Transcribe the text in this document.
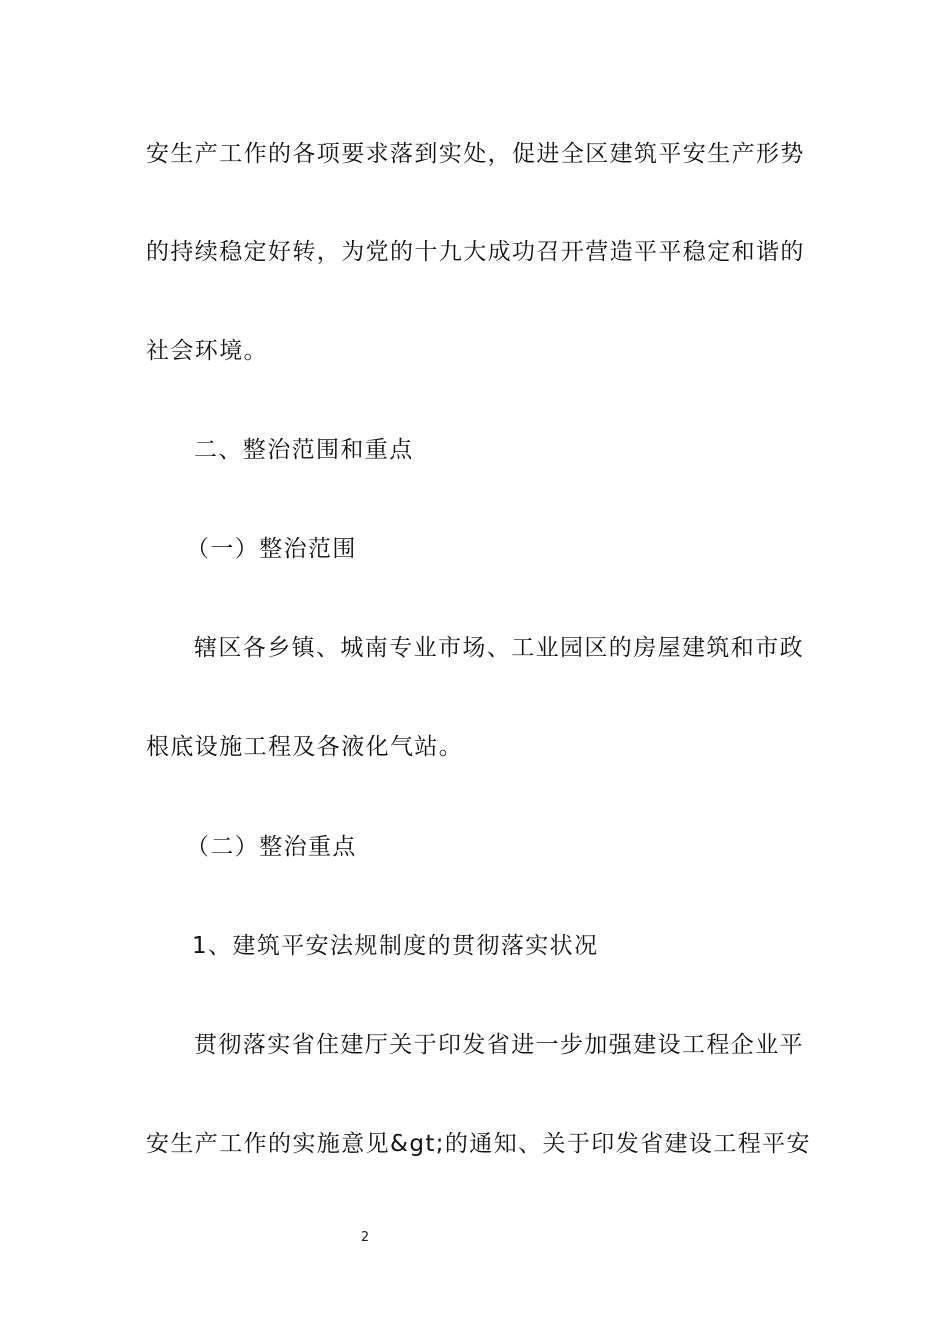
安生产工作的各项要求落到实处，促进全区建筑平安生产形势
的持续稳定好转，为党的十九大成功召开营造平平稳定和谐的
社会环境。
二、整治范围和重点
（一）整治范围
辖区各乡镇、城南专业市场、工业园区的房屋建筑和市政
根底设施工程及各液化气站。
（二）整治重点
1、建筑平安法规制度的贯彻落实状况
贯彻落实省住建厅关于印发省进一步加强建设工程企业平
安生产工作的实施意见&gt;的通知、关于印发省建设工程平安
2
